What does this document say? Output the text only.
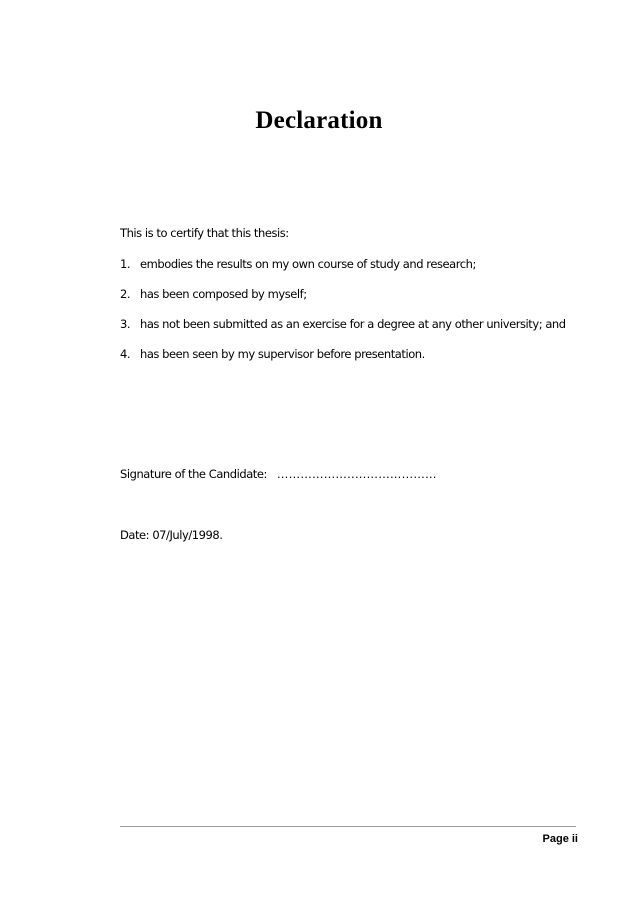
Declaration
This is to certify that this thesis:
1. embodies the results on my own course of study and research;
2. has been composed by myself;
3. has not been submitted as an exercise for a degree at any other university; and
4. has been seen by my supervisor before presentation.
Signature of the Candidate: ………………..…………………
Date: 07/July/1998.
Page ii
